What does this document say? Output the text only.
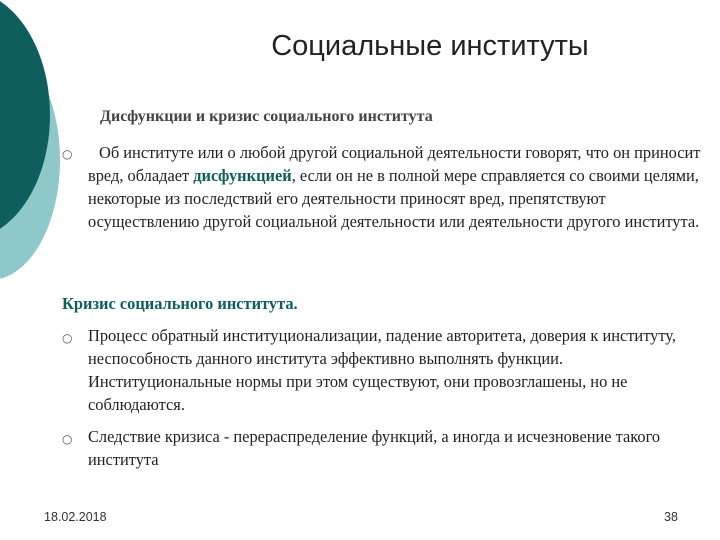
Социальные институты
Дисфункции и кризис социального института
○	Об институте или о любой другой социальной деятельности говорят, что он приносит вред, обладает дисфункцией, если он не в полной мере справляется со своими целями, некоторые из последствий его деятельности приносят вред, препятствуют осуществлению другой социальной деятельности или деятельности другого института.
Кризис социального института.
○ Процесс обратный институционализации, падение авторитета, доверия к институту, неспособность данного института эффективно выполнять функции. Институциональные нормы при этом существуют, они провозглашены, но не соблюдаются.
○ Следствие кризиса - перераспределение функций, а иногда и исчезновение такого института
18.02.2018	38
